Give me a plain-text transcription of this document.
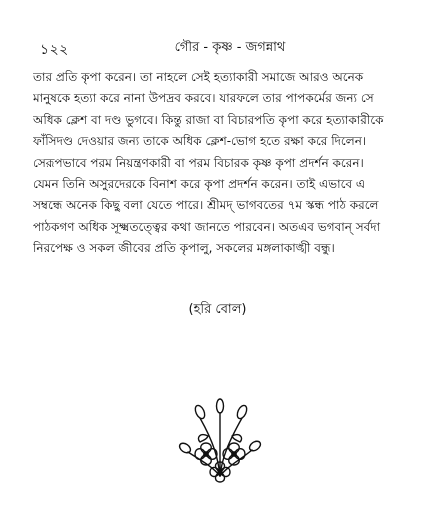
১২২	গৌর - কৃষ্ণ - জগন্নাথ
তার প্রতি কৃপা করেন। তা নাহলে সেই হত্যাকারী সমাজে আরও অনেক
মানুষকে হত্যা করে নানা উপদ্রব করবে। যারফলে তার পাপকর্মের জন্য সে
অধিক ক্লেশ বা দণ্ড ভুগবে। কিন্তু রাজা বা বিচারপতি কৃপা করে হত্যাকারীকে
ফাঁসিদণ্ড দেওয়ার জন্য তাকে অধিক ক্লেশ-ভোগ হতে রক্ষা করে দিলেন।
সেরূপভাবে পরম নিয়ন্ত্রণকারী বা পরম বিচারক কৃষ্ণ কৃপা প্রদর্শন করেন।
যেমন তিনি অসুরদেরকে বিনাশ করে কৃপা প্রদর্শন করেন। তাই এভাবে এ
সম্বন্ধে অনেক কিছু বলা যেতে পারে। শ্রীমদ্ ভাগবতের ৭ম স্কন্ধ পাঠ করলে
পাঠকগণ অধিক সূক্ষ্মতত্ত্বের কথা জানতে পারবেন। অতএব ভগবান্ সর্বদা
নিরপেক্ষ ও সকল জীবের প্রতি কৃপালু, সকলের মঙ্গলাকাঙ্খী বন্ধু।
(হরি বোল)
